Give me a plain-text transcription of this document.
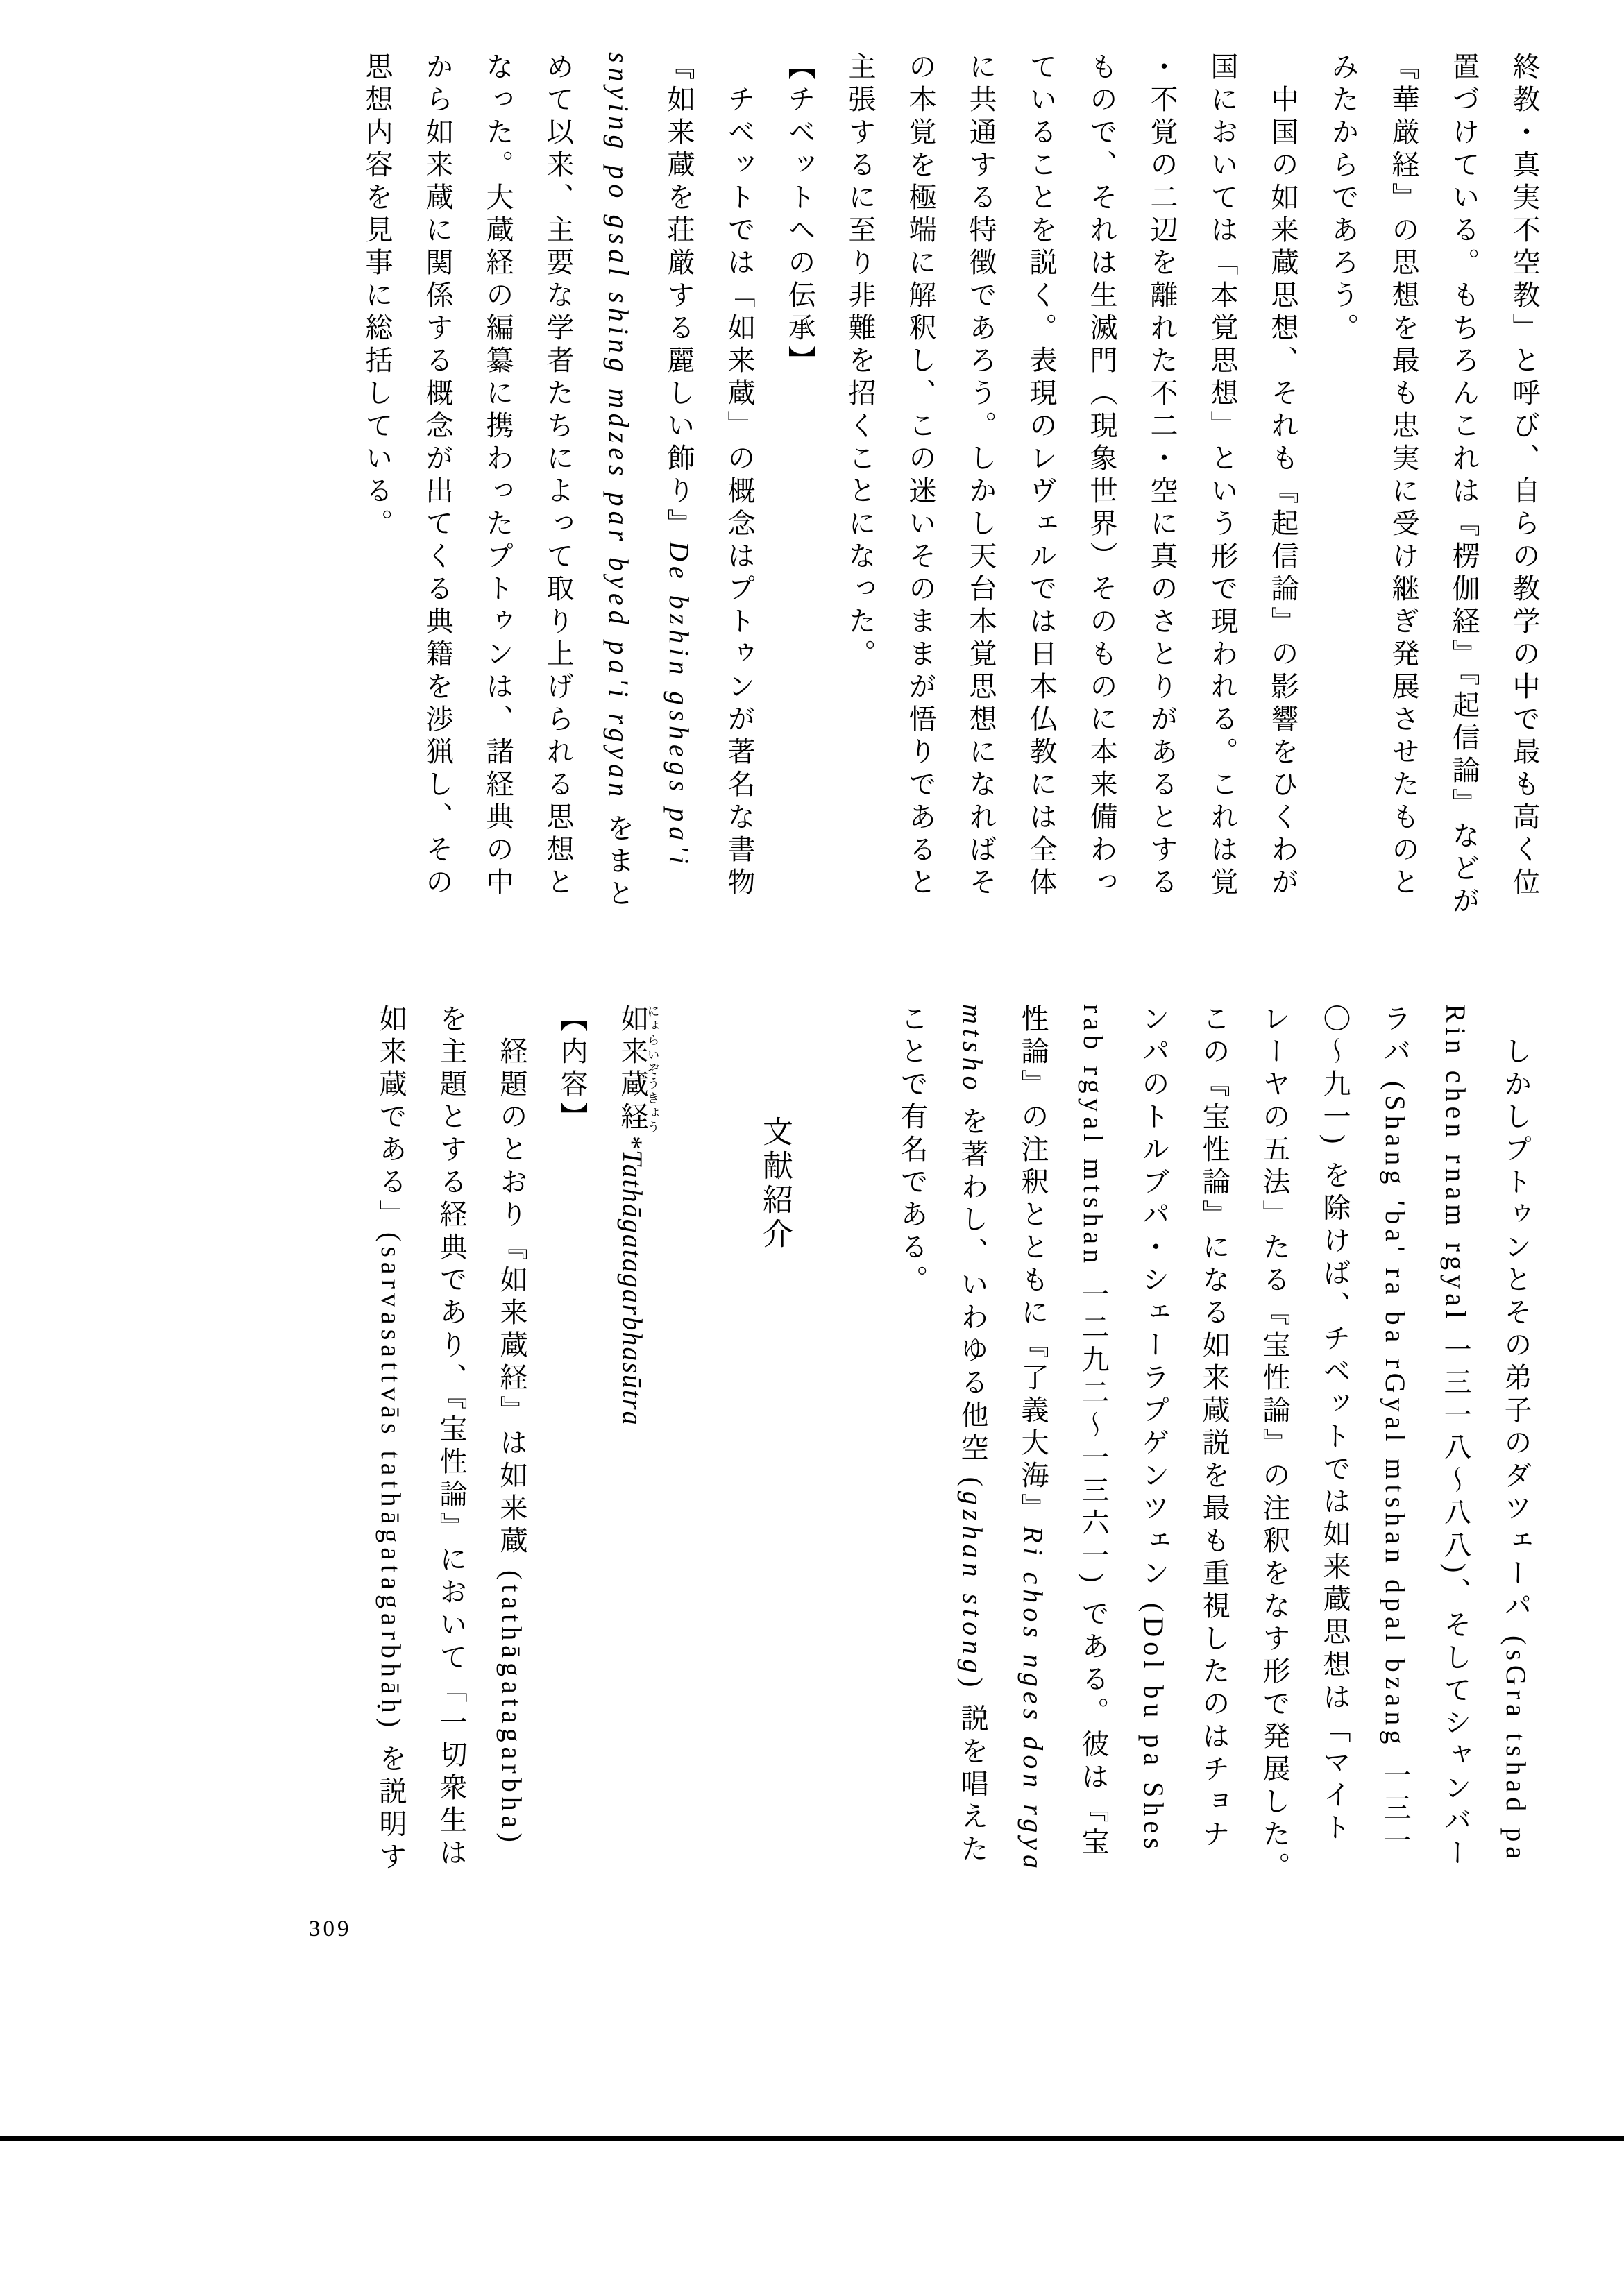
終教・真実不空教」と呼び、自らの教学の中で最も高く位

置づけている。もちろんこれは『楞伽経』『起信論』などが

『華厳経』の思想を最も忠実に受け継ぎ発展させたものと

みたからであろう。

　中国の如来蔵思想、それも『起信論』の影響をひくわが

国においては「本覚思想」という形で現われる。これは覚

・不覚の二辺を離れた不二・空に真のさとりがあるとする

もので、それは生滅門（現象世界）そのものに本来備わっ

ていることを説く。表現のレヴェルでは日本仏教には全体

に共通する特徴であろう。しかし天台本覚思想になればそ

の本覚を極端に解釈し、この迷いそのままが悟りであると

主張するに至り非難を招くことになった。

【チベットへの伝承】

　チベットでは「如来蔵」の概念はプトゥンが著名な書物

『如来蔵を荘厳する麗しい飾り』De bzhin gshegs pa'i

snying po gsal shing mdzes par byed pa'i rgyan をまと

めて以来、主要な学者たちによって取り上げられる思想と

なった。大蔵経の編纂に携わったプトゥンは、諸経典の中

から如来蔵に関係する概念が出てくる典籍を渉猟し、その

思想内容を見事に総括している。

　しかしプトゥンとその弟子のダツェーパ (sGra tshad pa

Rin chen rnam rgyal 一三一八〜八八)、そしてシャンバー

ラバ (Shang 'ba' ra ba rGyal mtshan dpal bzang 一三一

〇〜九一) を除けば、チベットでは如来蔵思想は「マイト

レーヤの五法」たる『宝性論』の注釈をなす形で発展した。

この『宝性論』になる如来蔵説を最も重視したのはチョナ

ンパのトルブパ・シェーラプゲンツェン (Dol bu pa Shes

rab rgyal mtshan 一二九二〜一三六一) である。彼は『宝

性論』の注釈とともに『了義大海』Ri chos nges don rgya

mtsho を著わし、いわゆる他空 (gzhan stong) 説を唱えた

ことで有名である。

文献紹介

如来蔵経にょらいぞうきょう*Tathāgatagarbhasūtra

【内容】

　経題のとおり『如来蔵経』は如来蔵 (tathāgatagarbha)

を主題とする経典であり、『宝性論』において「一切衆生は

如来蔵である」(sarvasattvās tathāgatagarbhāḥ) を説明す

309
